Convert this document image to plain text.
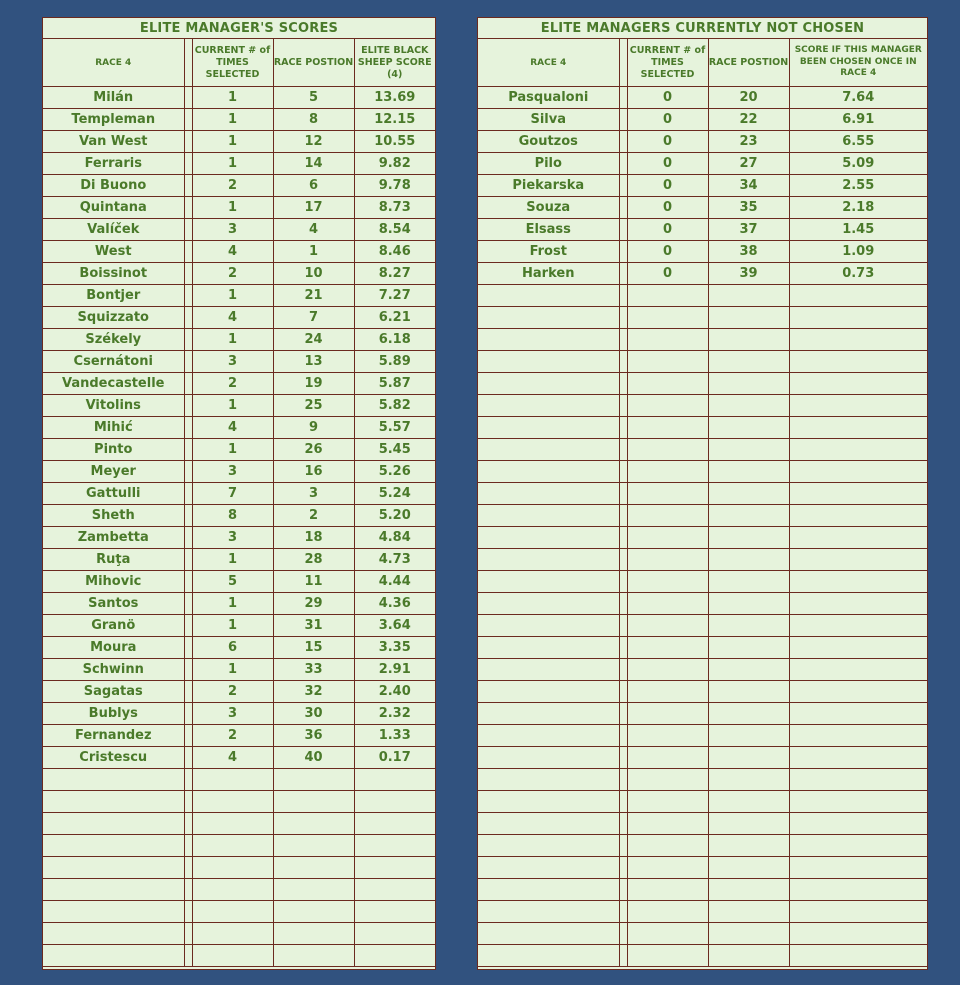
ELITE MANAGER'S SCORES
RACE 4		CURRENT # of TIMES SELECTED	RACE POSTION	ELITE BLACK SHEEP SCORE (4)
Milán		1	5	13.69
Templeman		1	8	12.15
Van West		1	12	10.55
Ferraris		1	14	9.82
Di Buono		2	6	9.78
Quintana		1	17	8.73
Valíček		3	4	8.54
West		4	1	8.46
Boissinot		2	10	8.27
Bontjer		1	21	7.27
Squizzato		4	7	6.21
Székely		1	24	6.18
Csernátoni		3	13	5.89
Vandecastelle		2	19	5.87
Vitolins		1	25	5.82
Mihić		4	9	5.57
Pinto		1	26	5.45
Meyer		3	16	5.26
Gattulli		7	3	5.24
Sheth		8	2	5.20
Zambetta		3	18	4.84
Ruţa		1	28	4.73
Mihovic		5	11	4.44
Santos		1	29	4.36
Granö		1	31	3.64
Moura		6	15	3.35
Schwinn		1	33	2.91
Sagatas		2	32	2.40
Bublys		3	30	2.32
Fernandez		2	36	1.33
Cristescu		4	40	0.17

ELITE MANAGERS CURRENTLY NOT CHOSEN
RACE 4		CURRENT # of TIMES SELECTED	RACE POSTION	SCORE IF THIS MANAGER BEEN CHOSEN ONCE IN RACE 4
Pasqualoni		0	20	7.64
Silva		0	22	6.91
Goutzos		0	23	6.55
Pilo		0	27	5.09
Piekarska		0	34	2.55
Souza		0	35	2.18
Elsass		0	37	1.45
Frost		0	38	1.09
Harken		0	39	0.73
